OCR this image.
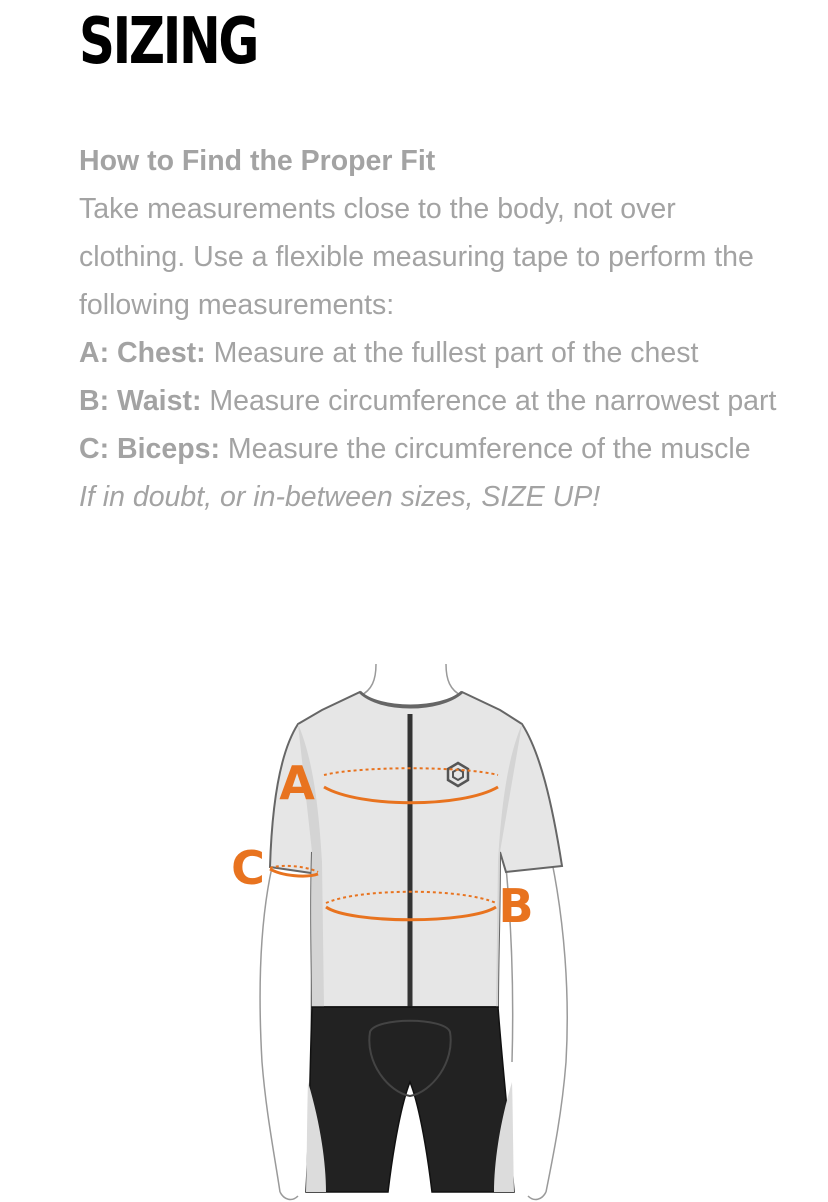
SIZING

How to Find the Proper Fit

Take measurements close to the body, not over clothing. Use a flexible measuring tape to perform the following measurements:

A: Chest: Measure at the fullest part of the chest

B: Waist: Measure circumference at the narrowest part

C: Biceps: Measure the circumference of the muscle

If in doubt, or in-between sizes, SIZE UP!

A
B
C
